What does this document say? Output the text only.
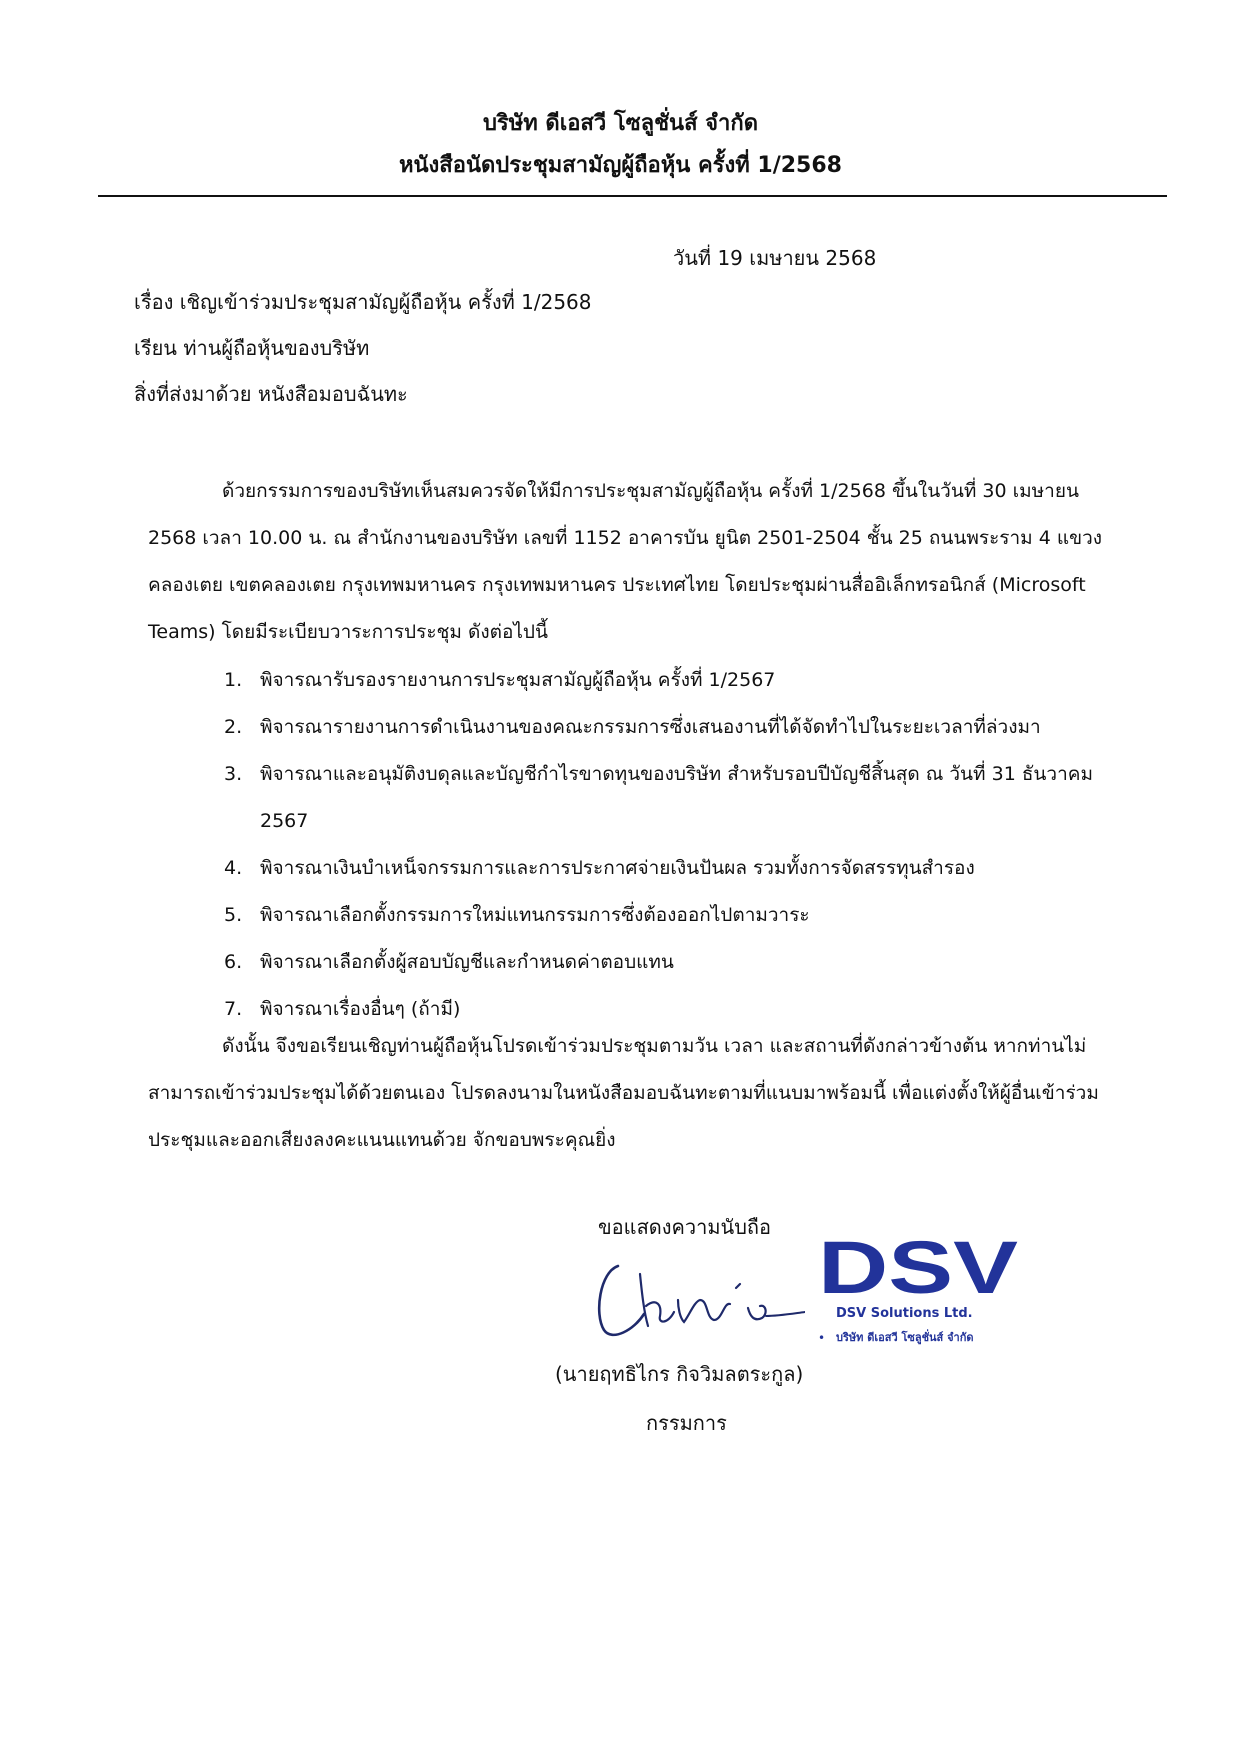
บริษัท ดีเอสวี โซลูชั่นส์ จำกัด
หนังสือนัดประชุมสามัญผู้ถือหุ้น ครั้งที่ 1/2568
วันที่ 19 เมษายน 2568
เรื่อง เชิญเข้าร่วมประชุมสามัญผู้ถือหุ้น ครั้งที่ 1/2568
เรียน ท่านผู้ถือหุ้นของบริษัท
สิ่งที่ส่งมาด้วย หนังสือมอบฉันทะ
ด้วยกรรมการของบริษัทเห็นสมควรจัดให้มีการประชุมสามัญผู้ถือหุ้น ครั้งที่ 1/2568 ขึ้นในวันที่ 30 เมษายน 2568 เวลา 10.00 น. ณ สำนักงานของบริษัท เลขที่ 1152 อาคารบัน ยูนิต 2501-2504 ชั้น 25 ถนนพระราม 4 แขวง คลองเตย เขตคลองเตย กรุงเทพมหานคร กรุงเทพมหานคร ประเทศไทย โดยประชุมผ่านสื่ออิเล็กทรอนิกส์ (Microsoft Teams) โดยมีระเบียบวาระการประชุม ดังต่อไปนี้
1. พิจารณารับรองรายงานการประชุมสามัญผู้ถือหุ้น ครั้งที่ 1/2567
2. พิจารณารายงานการดำเนินงานของคณะกรรมการซึ่งเสนองานที่ได้จัดทำไปในระยะเวลาที่ล่วงมา
3. พิจารณาและอนุมัติงบดุลและบัญชีกำไรขาดทุนของบริษัท สำหรับรอบปีบัญชีสิ้นสุด ณ วันที่ 31 ธันวาคม 2567
4. พิจารณาเงินบำเหน็จกรรมการและการประกาศจ่ายเงินปันผล รวมทั้งการจัดสรรทุนสำรอง
5. พิจารณาเลือกตั้งกรรมการใหม่แทนกรรมการซึ่งต้องออกไปตามวาระ
6. พิจารณาเลือกตั้งผู้สอบบัญชีและกำหนดค่าตอบแทน
7. พิจารณาเรื่องอื่นๆ (ถ้ามี)
ดังนั้น จึงขอเรียนเชิญท่านผู้ถือหุ้นโปรดเข้าร่วมประชุมตามวัน เวลา และสถานที่ดังกล่าวข้างต้น หากท่านไม่สามารถเข้าร่วมประชุมได้ด้วยตนเอง โปรดลงนามในหนังสือมอบฉันทะตามที่แนบมาพร้อมนี้ เพื่อแต่งตั้งให้ผู้อื่นเข้าร่วมประชุมและออกเสียงลงคะแนนแทนด้วย จักขอบพระคุณยิ่ง
ขอแสดงความนับถือ DSV
DSV Solutions Ltd.
• บริษัท ดีเอสวี โซลูชั่นส์ จำกัด
(นายฤทธิไกร กิจวิมลตระกูล)
กรรมการ
